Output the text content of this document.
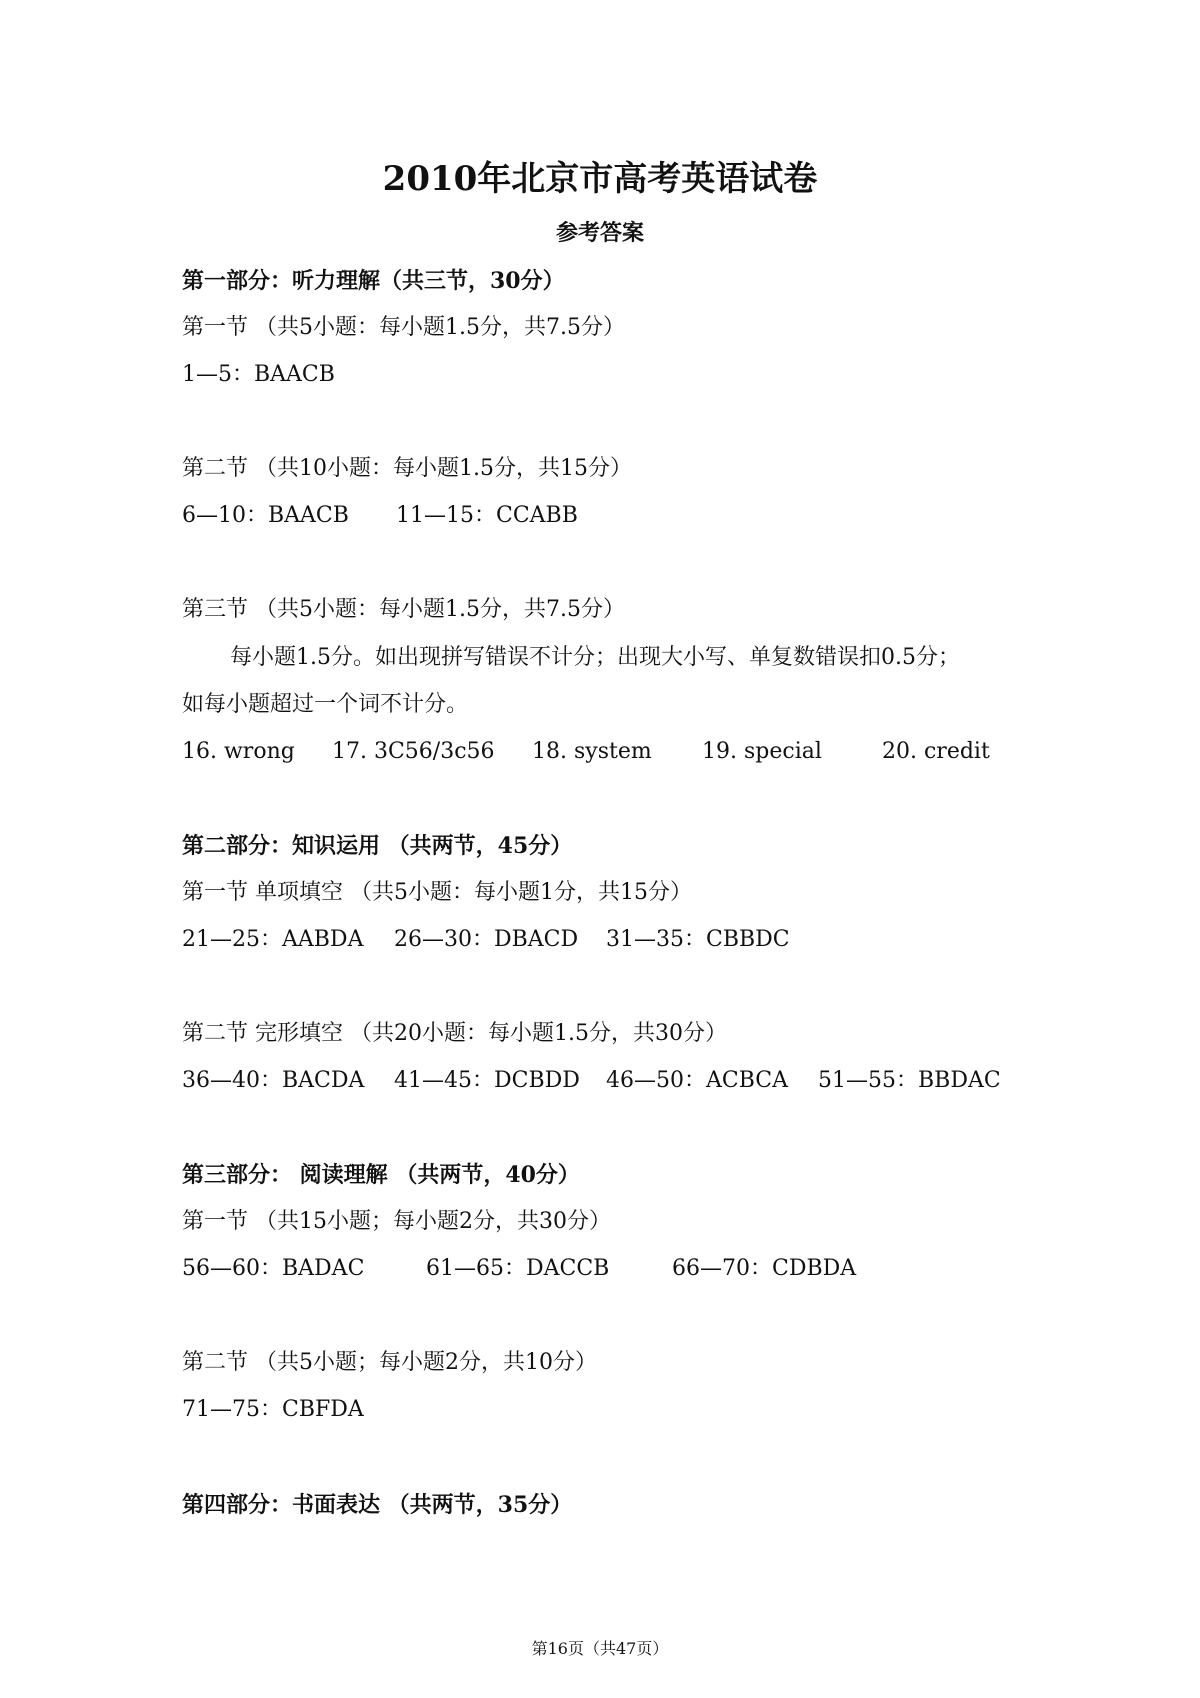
2010年北京市高考英语试卷
参考答案
第一部分：听力理解（共三节，30分）
第一节 （共5小题：每小题1.5分，共7.5分）
1—5：BAACB
第二节 （共10小题：每小题1.5分，共15分）
6—10：BAACB 11—15：CCABB
第三节 （共5小题：每小题1.5分，共7.5分）
每小题1.5分。如出现拼写错误不计分；出现大小写、单复数错误扣0.5分；
如每小题超过一个词不计分。
16. wrong 17. 3C56/3c56 18. system 19. special	20. credit
第二部分：知识运用 （共两节，45分）
第一节 单项填空 （共5小题：每小题1分，共15分）
21—25：AABDA 26—30：DBACD 31—35：CBBDC
第二节 完形填空 （共20小题：每小题1.5分，共30分）
36—40：BACDA 41—45：DCBDD 46—50：ACBCA 51—55：BBDAC
第三部分： 阅读理解 （共两节，40分）
第一节 （共15小题；每小题2分，共30分）
56—60：BADAC	61—65：DACCB	66—70：CDBDA
第二节 （共5小题；每小题2分，共10分）
71—75：CBFDA
第四部分：书面表达 （共两节，35分）
第16页（共47页）
